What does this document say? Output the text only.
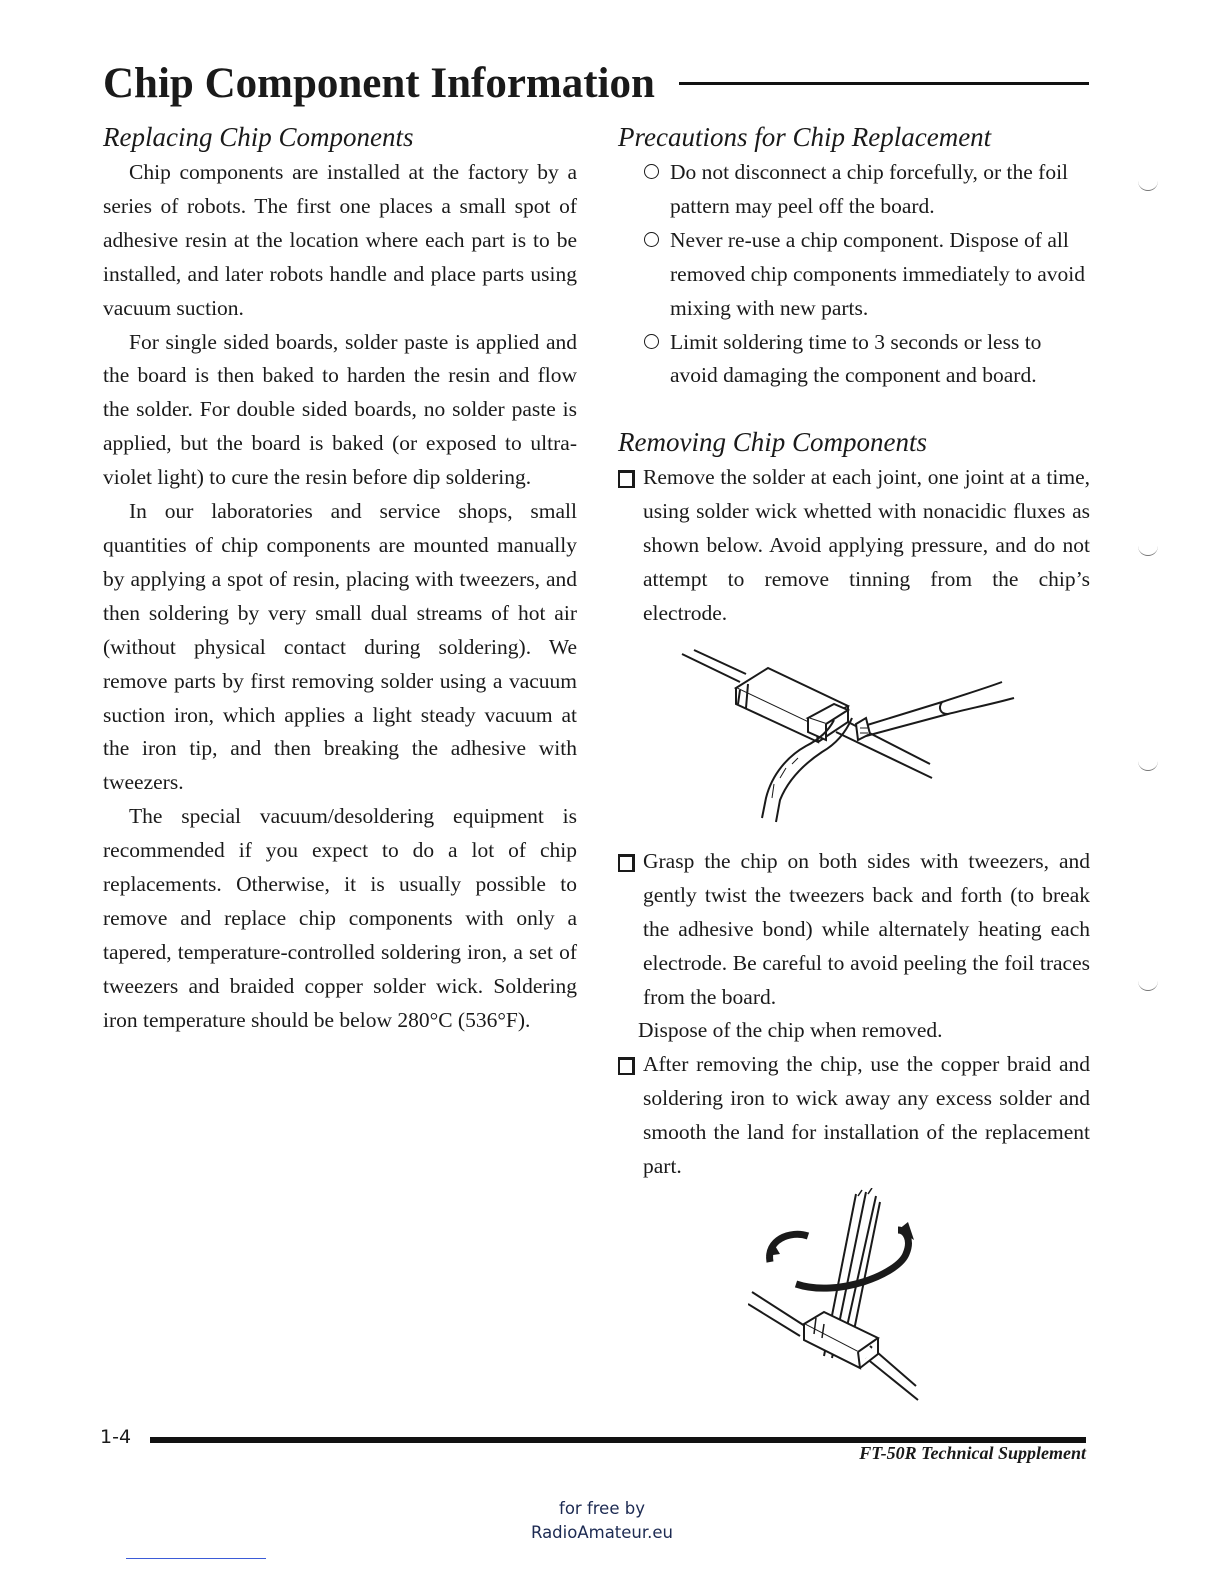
Chip Component Information
Replacing Chip Components

Chip components are installed at the factory by a series of robots. The first one places a small spot of adhesive resin at the location where each part is to be installed, and later robots handle and place parts using vacuum suction.

For single sided boards, solder paste is applied and the board is then baked to harden the resin and flow the solder. For double sided boards, no solder paste is applied, but the board is baked (or exposed to ultra-violet light) to cure the resin before dip soldering.

In our laboratories and service shops, small quantities of chip components are mounted manually by applying a spot of resin, placing with tweezers, and then soldering by very small dual streams of hot air (without physical contact during soldering). We remove parts by first removing solder using a vacuum suction iron, which applies a light steady vacuum at the iron tip, and then breaking the adhesive with tweezers.

The special vacuum/desoldering equipment is recommended if you expect to do a lot of chip replacements. Otherwise, it is usually possible to remove and replace chip components with only a tapered, temperature-controlled soldering iron, a set of tweezers and braided copper solder wick. Soldering iron temperature should be below 280°C (536°F).

Precautions for Chip Replacement
Do not disconnect a chip forcefully, or the foil pattern may peel off the board.
Never re-use a chip component. Dispose of all removed chip components immediately to avoid mixing with new parts.
Limit soldering time to 3 seconds or less to avoid damaging the component and board.
Removing Chip Components
Remove the solder at each joint, one joint at a time, using solder wick whetted with nonacidic fluxes as shown below. Avoid applying pressure, and do not attempt to remove tinning from the chip’s electrode.
Grasp the chip on both sides with tweezers, and gently twist the tweezers back and forth (to break the adhesive bond) while alternately heating each electrode. Be careful to avoid peeling the foil traces from the board.
Dispose of the chip when removed.
After removing the chip, use the copper braid and soldering iron to wick away any excess solder and smooth the land for installation of the replacement part.
1-4
FT-50R Technical Supplement
for free by
RadioAmateur.eu
